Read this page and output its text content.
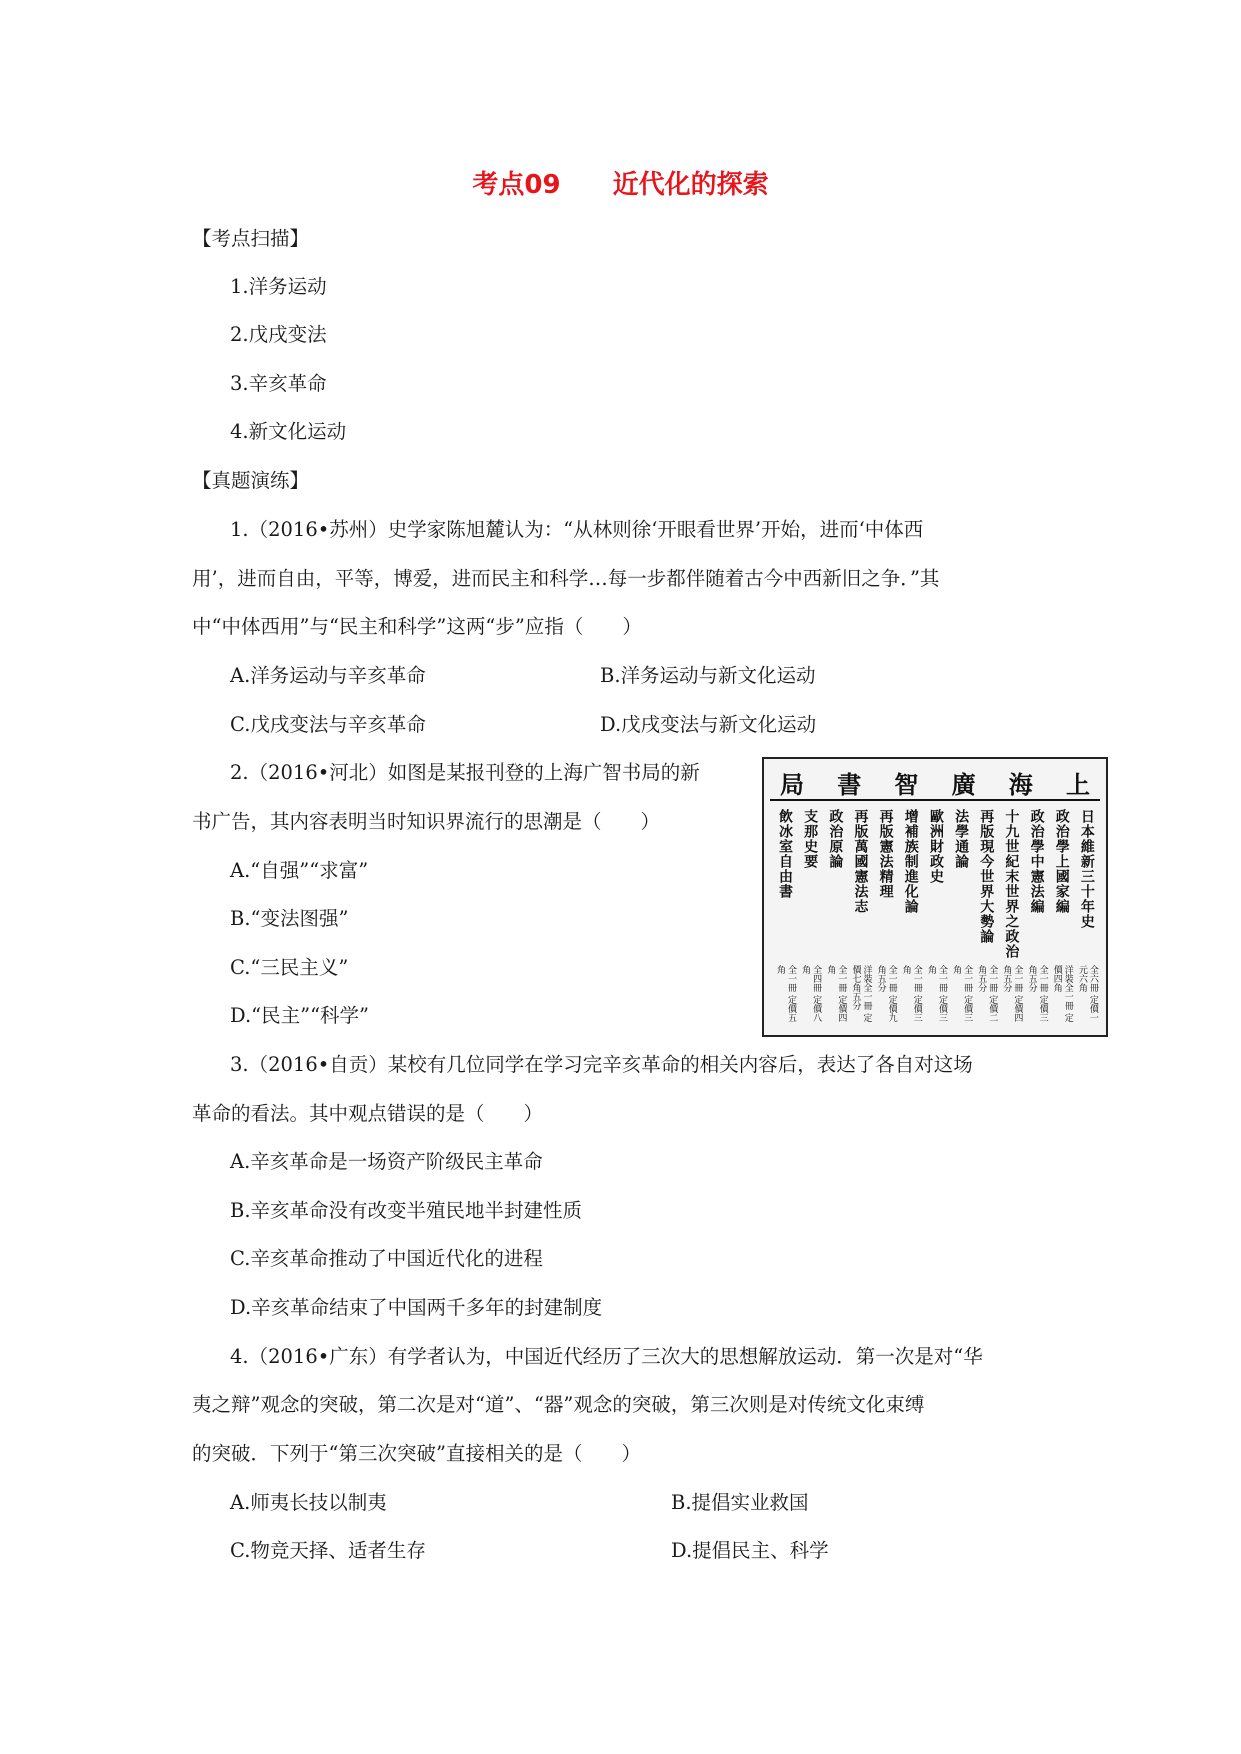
考点09　　近代化的探索
【考点扫描】
1.洋务运动
2.戊戌变法
3.辛亥革命
4.新文化运动
【真题演练】
1.（2016•苏州）史学家陈旭麓认为：“从林则徐‘开眼看世界’开始，进而‘中体西
用’，进而自由，平等，博爱，进而民主和科学…每一步都伴随着古今中西新旧之争．”其
中“中体西用”与“民主和科学”这两“步”应指（　　）
A.洋务运动与辛亥革命	B.洋务运动与新文化运动
C.戊戌变法与辛亥革命	D.戊戌变法与新文化运动
2.（2016•河北）如图是某报刊登的上海广智书局的新
书广告，其内容表明当时知识界流行的思潮是（　　）
A.“自强”“求富”
B.“变法图强”
C.“三民主义”
D.“民主”“科学”
上
海
廣
智
書
局
日本維新三十年史
全六冊 定價一元六角
政治學上國家編
洋裝全一冊 定價四角
政治學中憲法編
全一冊 定價三角五分
十九世紀末世界之政治
全一冊 定價四角五分
再版現今世界大勢論
全一冊 定價二角五分
法學通論
全一冊 定價三角
歐洲財政史
全一冊 定價三角
增補族制進化論
全一冊 定價三角
再版憲法精理
全一冊 定價九角五分
再版萬國憲法志
洋裝全一冊 定價七角五分
政治原論
全一冊 定價四角
支那史要
全四冊 定價八角
飲冰室自由書
全一冊 定價五角
3.（2016•自贡）某校有几位同学在学习完辛亥革命的相关内容后，表达了各自对这场
革命的看法。其中观点错误的是（　　）
A.辛亥革命是一场资产阶级民主革命
B.辛亥革命没有改变半殖民地半封建性质
C.辛亥革命推动了中国近代化的进程
D.辛亥革命结束了中国两千多年的封建制度
4.（2016•广东）有学者认为，中国近代经历了三次大的思想解放运动．第一次是对“华
夷之辩”观念的突破，第二次是对“道”、“器”观念的突破，第三次则是对传统文化束缚
的突破．下列于“第三次突破”直接相关的是（　　）
A.师夷长技以制夷	B.提倡实业救国
C.物竞天择、适者生存	D.提倡民主、科学
